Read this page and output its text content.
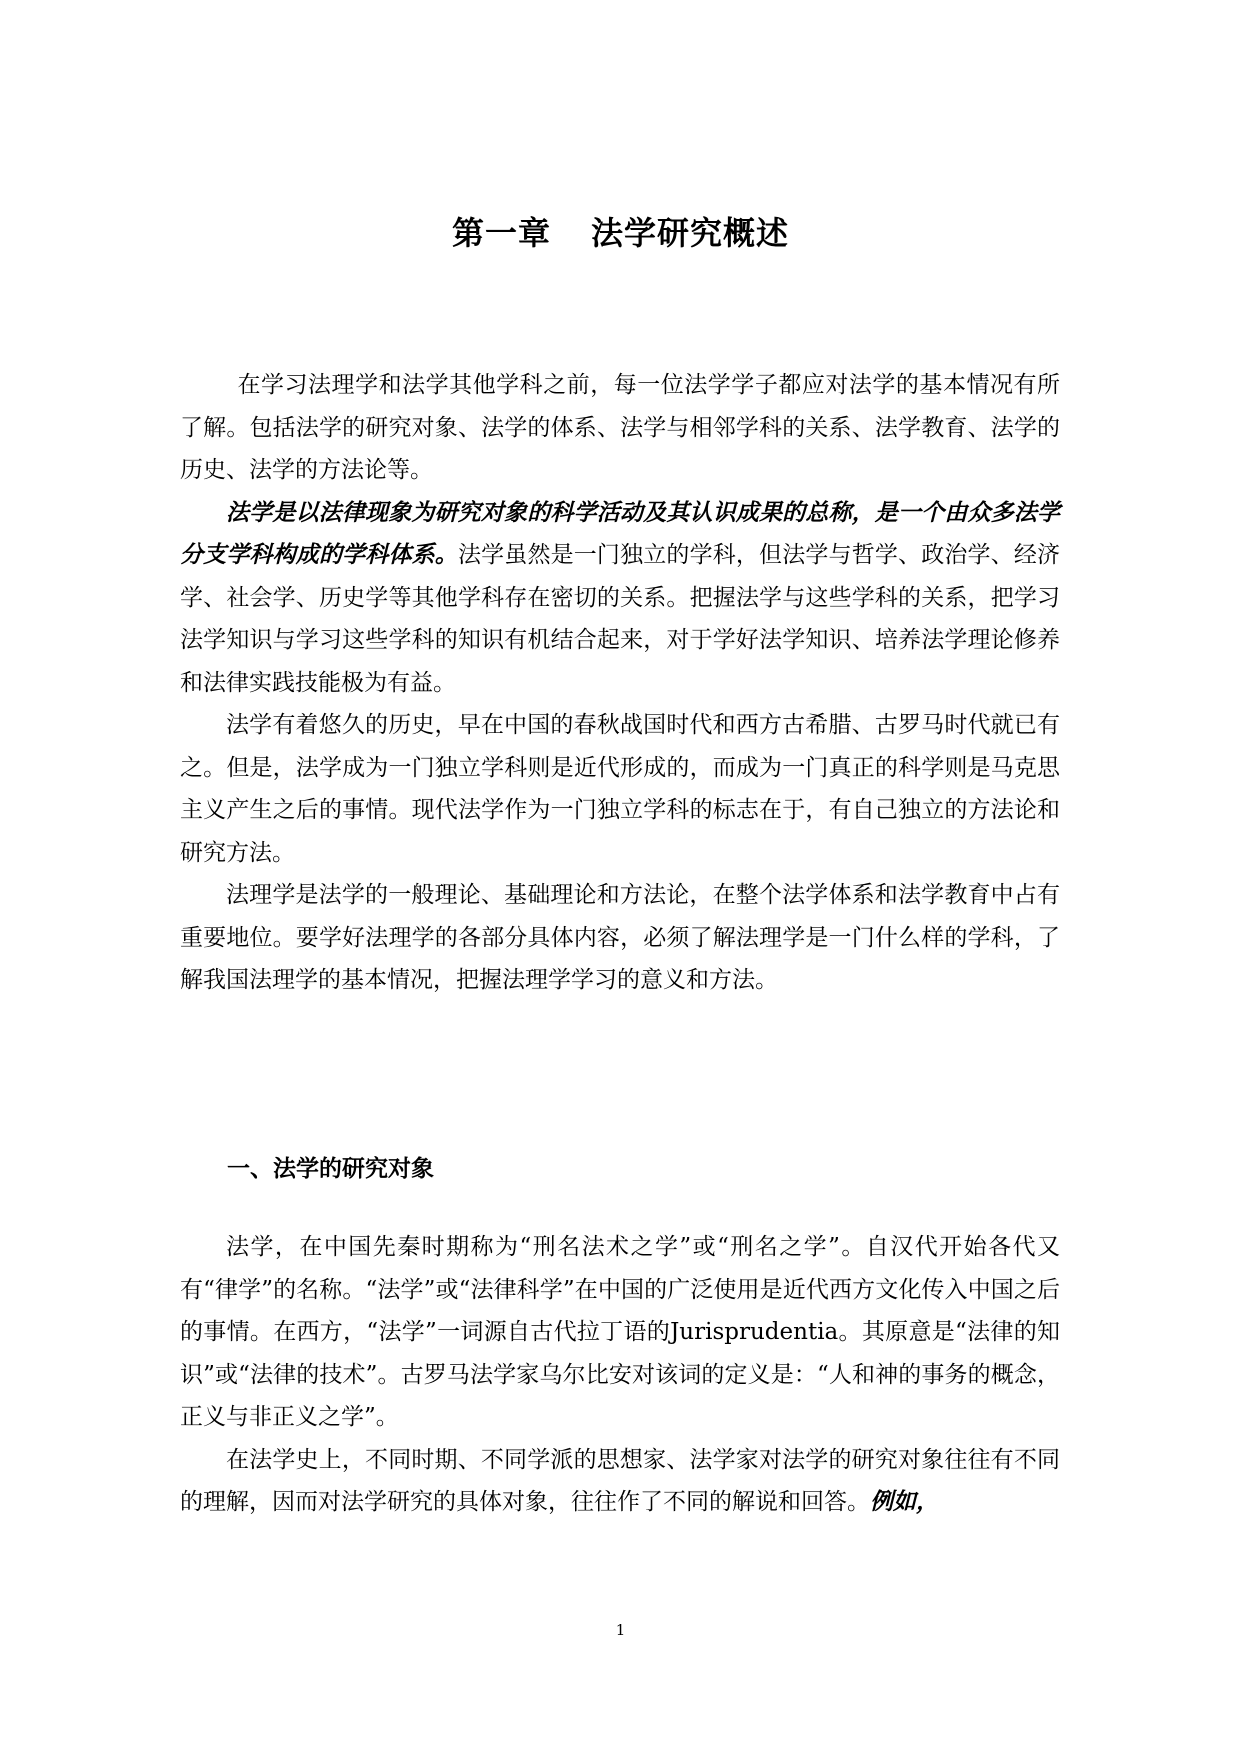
第一章 法学研究概述

在学习法理学和法学其他学科之前，每一位法学学子都应对法学的基本情况有所了解。包括法学的研究对象、法学的体系、法学与相邻学科的关系、法学教育、法学的历史、法学的方法论等。

法学是以法律现象为研究对象的科学活动及其认识成果的总称，是一个由众多法学分支学科构成的学科体系。法学虽然是一门独立的学科，但法学与哲学、政治学、经济学、社会学、历史学等其他学科存在密切的关系。把握法学与这些学科的关系，把学习法学知识与学习这些学科的知识有机结合起来，对于学好法学知识、培养法学理论修养和法律实践技能极为有益。

法学有着悠久的历史，早在中国的春秋战国时代和西方古希腊、古罗马时代就已有之。但是，法学成为一门独立学科则是近代形成的，而成为一门真正的科学则是马克思主义产生之后的事情。现代法学作为一门独立学科的标志在于，有自己独立的方法论和研究方法。

法理学是法学的一般理论、基础理论和方法论，在整个法学体系和法学教育中占有重要地位。要学好法理学的各部分具体内容，必须了解法理学是一门什么样的学科，了解我国法理学的基本情况，把握法理学学习的意义和方法。

一、法学的研究对象

法学，在中国先秦时期称为“刑名法术之学”或“刑名之学”。自汉代开始各代又有“律学”的名称。“法学”或“法律科学”在中国的广泛使用是近代西方文化传入中国之后的事情。在西方，“法学”一词源自古代拉丁语的Jurisprudentia。其原意是“法律的知识”或“法律的技术”。古罗马法学家乌尔比安对该词的定义是：“人和神的事务的概念，正义与非正义之学”。

在法学史上，不同时期、不同学派的思想家、法学家对法学的研究对象往往有不同的理解，因而对法学研究的具体对象，往往作了不同的解说和回答。例如，

1
